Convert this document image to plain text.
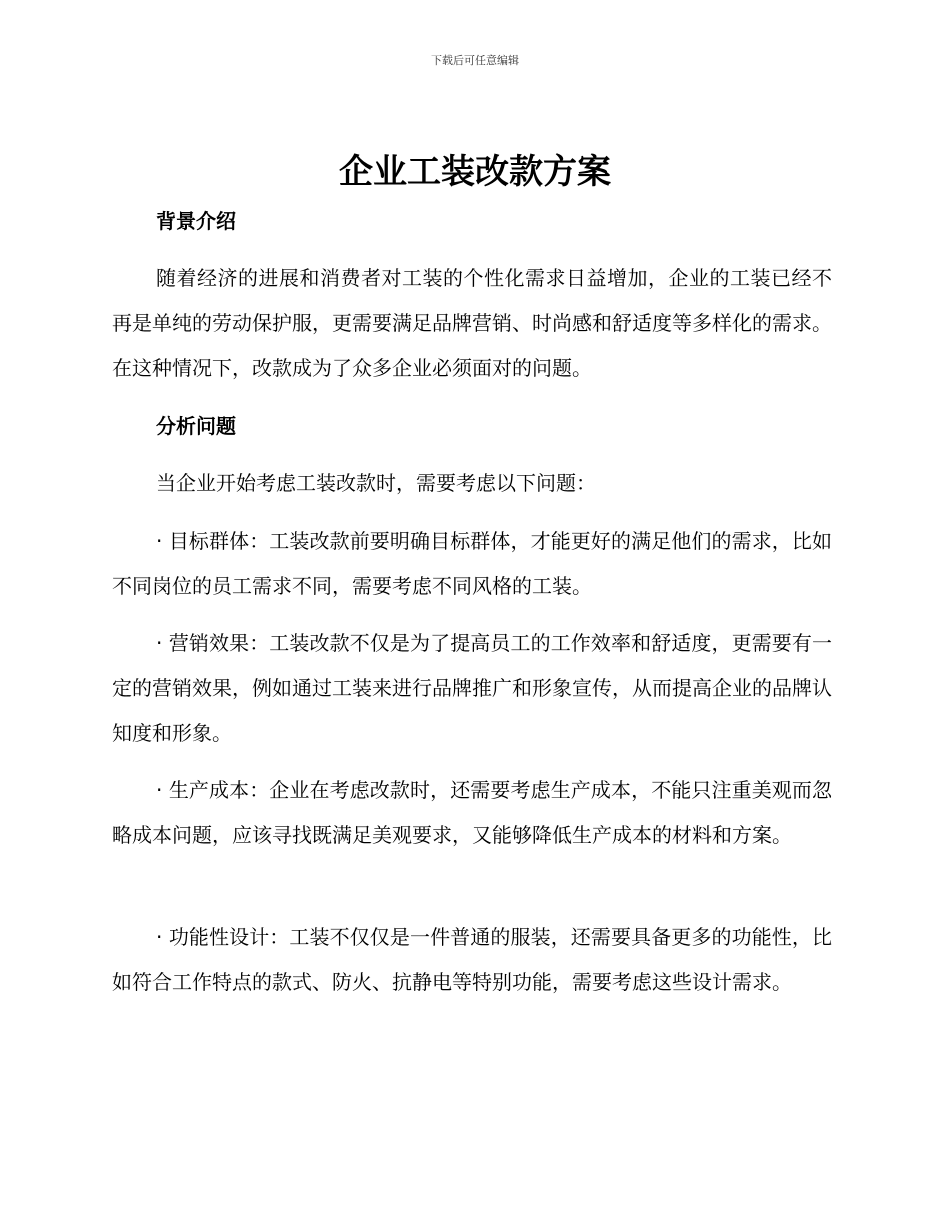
下载后可任意编辑
企业工装改款方案
背景介绍

随着经济的进展和消费者对工装的个性化需求日益增加，企业的工装已经不再是单纯的劳动保护服，更需要满足品牌营销、时尚感和舒适度等多样化的需求。在这种情况下，改款成为了众多企业必须面对的问题。

分析问题

当企业开始考虑工装改款时，需要考虑以下问题：

· 目标群体：工装改款前要明确目标群体，才能更好的满足他们的需求，比如不同岗位的员工需求不同，需要考虑不同风格的工装。

· 营销效果：工装改款不仅是为了提高员工的工作效率和舒适度，更需要有一定的营销效果，例如通过工装来进行品牌推广和形象宣传，从而提高企业的品牌认知度和形象。

· 生产成本：企业在考虑改款时，还需要考虑生产成本，不能只注重美观而忽略成本问题，应该寻找既满足美观要求，又能够降低生产成本的材料和方案。

· 功能性设计：工装不仅仅是一件普通的服装，还需要具备更多的功能性，比如符合工作特点的款式、防火、抗静电等特别功能，需要考虑这些设计需求。
